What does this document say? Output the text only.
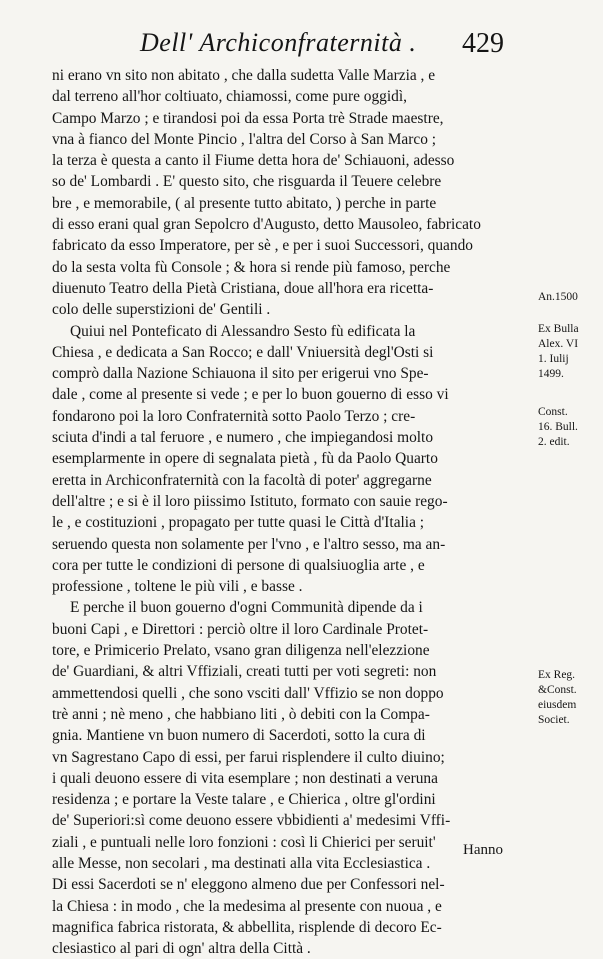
Dell' Archiconfraternità . 429
ni erano vn sito non abitato , che dalla sudetta Valle Marzia , e
dal terreno all'hor coltiuato, chiamossi, come pure oggidì,
Campo Marzo ; e tirandosi poi da essa Porta trè Strade maestre,
vna à fianco del Monte Pincio , l'altra del Corso à San Marco ;
la terza è questa a canto il Fiume detta hora de' Schiauoni, adesso
so de' Lombardi . E' questo sito, che risguarda il Teuere celebre
bre , e memorabile, ( al presente tutto abitato, ) perche in parte
di esso erani qual gran Sepolcro d'Augusto, detto Mausoleo, fabricato
fabricato da esso Imperatore, per sè , e per i suoi Successori, quando
do la sesta volta fù Console ; & hora si rende più famoso, perche
diuenuto Teatro della Pietà Cristiana, doue all'hora era ricetta-
colo delle superstizioni de' Gentili .
Quiui nel Ponteficato di Alessandro Sesto fù edificata la
Chiesa , e dedicata a San Rocco; e dall' Vniuersità degl'Osti si
comprò dalla Nazione Schiauona il sito per erigerui vno Spe-
dale , come al presente si vede ; e per lo buon gouerno di esso vi
fondarono poi la loro Confraternità sotto Paolo Terzo ; cre-
sciuta d'indi a tal feruore , e numero , che impiegandosi molto
esemplarmente in opere di segnalata pietà , fù da Paolo Quarto
eretta in Archiconfraternità con la facoltà di poter' aggregarne
dell'altre ; e si è il loro piissimo Istituto, formato con sauie rego-
le , e costituzioni , propagato per tutte quasi le Città d'Italia ;
seruendo questa non solamente per l'vno , e l'altro sesso, ma an-
cora per tutte le condizioni di persone di qualsiuoglia arte , e
professione , toltene le più vili , e basse .
E perche il buon gouerno d'ogni Communità dipende da i
buoni Capi , e Direttori : perciò oltre il loro Cardinale Protet-
tore, e Primicerio Prelato, vsano gran diligenza nell'elezzione
de' Guardiani, & altri Vffiziali, creati tutti per voti segreti: non
ammettendosi quelli , che sono vsciti dall' Vffizio se non doppo
trè anni ; nè meno , che habbiano liti , ò debiti con la Compa-
gnia. Mantiene vn buon numero di Sacerdoti, sotto la cura di
vn Sagrestano Capo di essi, per farui risplendere il culto diuino;
i quali deuono essere di vita esemplare ; non destinati a veruna
residenza ; e portare la Veste talare , e Chierica , oltre gl'ordini
de' Superiori:sì come deuono essere vbbidienti a' medesimi Vffi-
ziali , e puntuali nelle loro fonzioni : così li Chierici per seruit'
alle Messe, non secolari , ma destinati alla vita Ecclesiastica .
Di essi Sacerdoti se n' eleggono almeno due per Confessori nel-
la Chiesa : in modo , che la medesima al presente con nuoua , e
magnifica fabrica ristorata, & abbellita, risplende di decoro Ec-
clesiastico al pari di ogn' altra della Città .
An.1500
Ex Bulla
Alex. VI
1. Iulij
1499.
Const.
16. Bull.
2. edit.
Ex Reg.
&Const.
eiusdem
Societ.
Hanno
